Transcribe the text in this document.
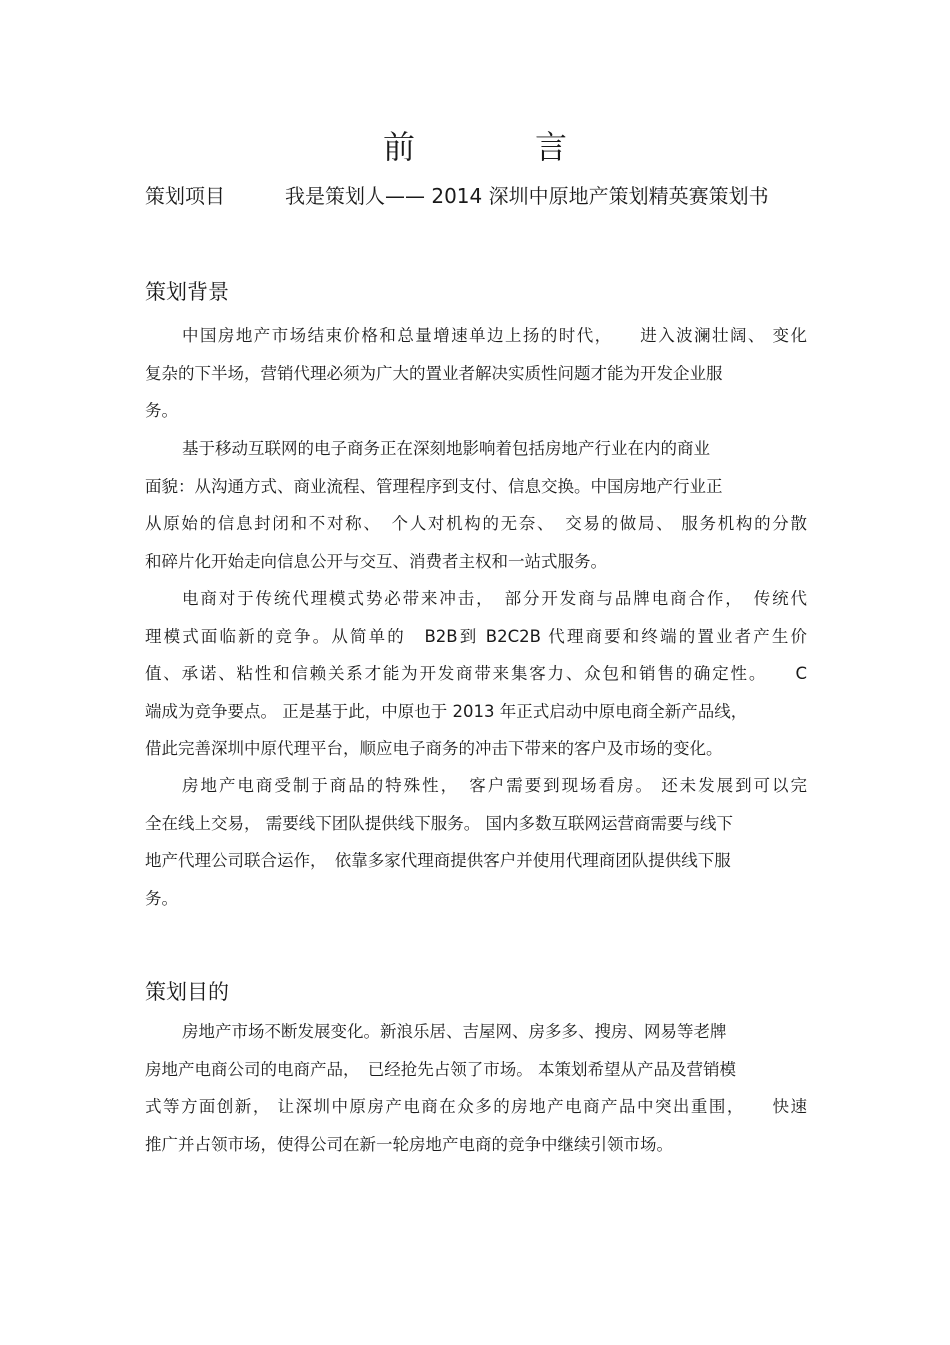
前　言
策划项目	我是策划人—— 2014 深圳中原地产策划精英赛策划书
策划背景
中国房地产市场结束价格和总量增速单边上扬的时代，　　进入波澜壮阔、 变化
复杂的下半场，营销代理必须为广大的置业者解决实质性问题才能为开发企业服
务。
基于移动互联网的电子商务正在深刻地影响着包括房地产行业在内的商业
面貌：从沟通方式、商业流程、管理程序到支付、信息交换。中国房地产行业正
从原始的信息封闭和不对称、　个人对机构的无奈、　交易的做局、 服务机构的分散
和碎片化开始走向信息公开与交互、消费者主权和一站式服务。
电商对于传统代理模式势必带来冲击，　部分开发商与品牌电商合作，　传统代
理模式面临新的竞争。从简单的　B2B到 B2C2B 代理商要和终端的置业者产生价
值、承诺、粘性和信赖关系才能为开发商带来集客力、众包和销售的确定性。　　C
端成为竞争要点。 正是基于此，中原也于 2013 年正式启动中原电商全新产品线，
借此完善深圳中原代理平台，顺应电子商务的冲击下带来的客户及市场的变化。
房地产电商受制于商品的特殊性，　客户需要到现场看房。 还未发展到可以完
全在线上交易， 需要线下团队提供线下服务。 国内多数互联网运营商需要与线下
地产代理公司联合运作，　依靠多家代理商提供客户并使用代理商团队提供线下服
务。
策划目的
房地产市场不断发展变化。新浪乐居、吉屋网、房多多、搜房、网易等老牌
房地产电商公司的电商产品，　已经抢先占领了市场。 本策划希望从产品及营销模
式等方面创新， 让深圳中原房产电商在众多的房地产电商产品中突出重围，　　快速
推广并占领市场，使得公司在新一轮房地产电商的竞争中继续引领市场。
